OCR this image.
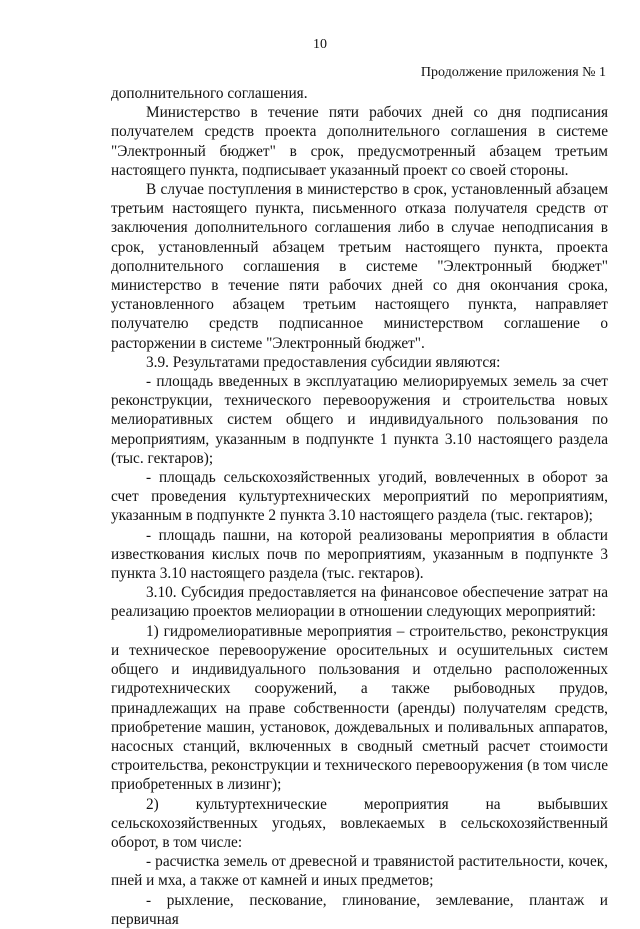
10
Продолжение приложения № 1

дополнительного соглашения.

Министерство в течение пяти рабочих дней со дня подписания получателем средств проекта дополнительного соглашения в системе "Электронный бюджет" в срок, предусмотренный абзацем третьим настоящего пункта, подписывает указанный проект со своей стороны.

В случае поступления в министерство в срок, установленный абзацем третьим настоящего пункта, письменного отказа получателя средств от заключения дополнительного соглашения либо в случае неподписания в срок, установленный абзацем третьим настоящего пункта, проекта дополнительного соглашения в системе "Электронный бюджет" министерство в течение пяти рабочих дней со дня окончания срока, установленного абзацем третьим настоящего пункта, направляет получателю средств подписанное министерством соглашение о расторжении в системе "Электронный бюджет".

3.9. Результатами предоставления субсидии являются:

- площадь введенных в эксплуатацию мелиорируемых земель за счет реконструкции, технического перевооружения и строительства новых мелиоративных систем общего и индивидуального пользования по мероприятиям, указанным в подпункте 1 пункта 3.10 настоящего раздела (тыс. гектаров);

- площадь сельскохозяйственных угодий, вовлеченных в оборот за счет проведения культуртехнических мероприятий по мероприятиям, указанным в подпункте 2 пункта 3.10 настоящего раздела (тыс. гектаров);

- площадь пашни, на которой реализованы мероприятия в области известкования кислых почв по мероприятиям, указанным в подпункте 3 пункта 3.10 настоящего раздела (тыс. гектаров).

3.10. Субсидия предоставляется на финансовое обеспечение затрат на реализацию проектов мелиорации в отношении следующих мероприятий:

1) гидромелиоративные мероприятия – строительство, реконструкция и техническое перевооружение оросительных и осушительных систем общего и индивидуального пользования и отдельно расположенных гидротехнических сооружений, а также рыбоводных прудов, принадлежащих на праве собственности (аренды) получателям средств, приобретение машин, установок, дождевальных и поливальных аппаратов, насосных станций, включенных в сводный сметный расчет стоимости строительства, реконструкции и технического перевооружения (в том числе приобретенных в лизинг);

2) культуртехнические мероприятия на выбывших сельскохозяйственных угодьях, вовлекаемых в сельскохозяйственный оборот, в том числе:

- расчистка земель от древесной и травянистой растительности, кочек, пней и мха, а также от камней и иных предметов;

- рыхление, пескование, глинование, землевание, плантаж и первичная
